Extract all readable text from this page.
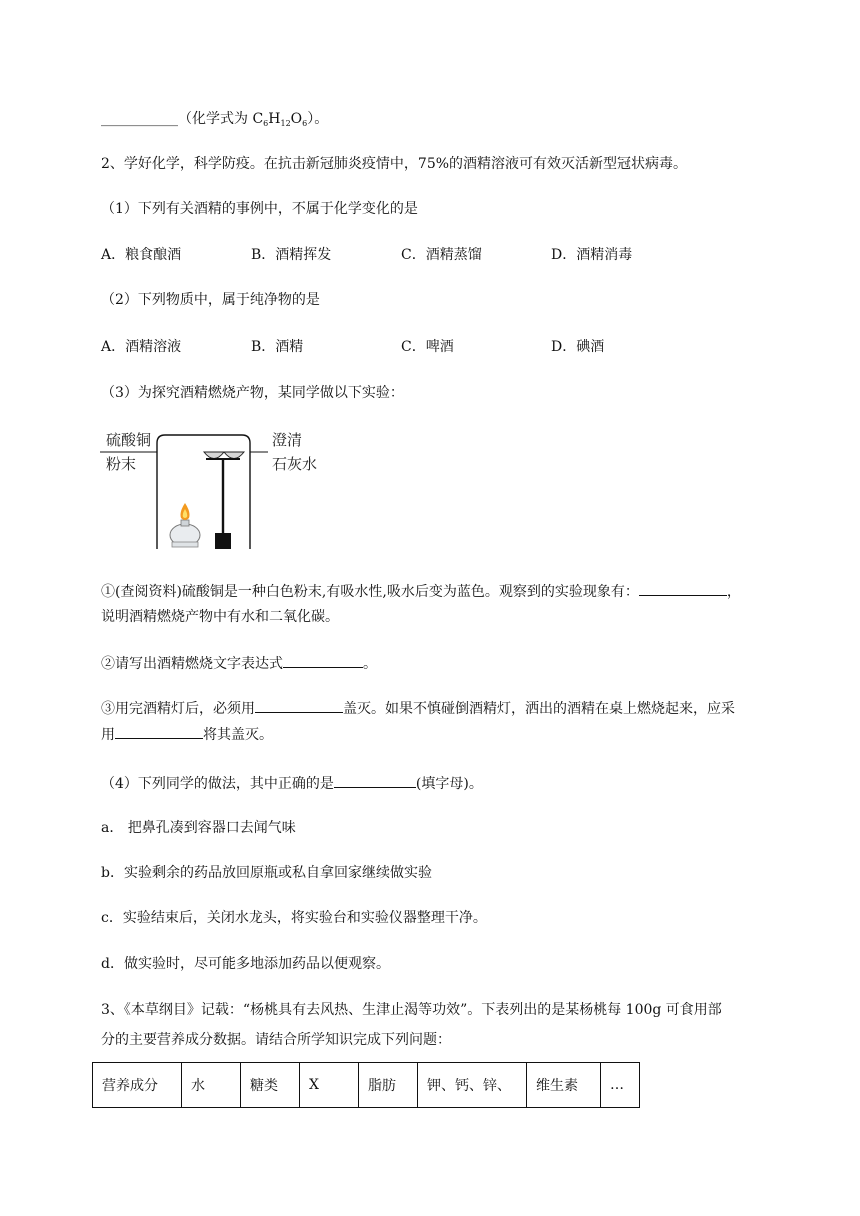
___________（化学式为 $C_6H_{12}O_6$）。
2、学好化学，科学防疫。在抗击新冠肺炎疫情中，75%的酒精溶液可有效灭活新型冠状病毒。
（1）下列有关酒精的事例中，不属于化学变化的是
A．粮食酿酒	B．酒精挥发	C．酒精蒸馏	D．酒精消毒
（2）下列物质中，属于纯净物的是
A．酒精溶液	B．酒精	C．啤酒	D．碘酒
（3）为探究酒精燃烧产物，某同学做以下实验：
硫酸铜
粉末
澄清
石灰水
①(查阅资料)硫酸铜是一种白色粉末,有吸水性,吸水后变为蓝色。观察到的实验现象有：	，
说明酒精燃烧产物中有水和二氧化碳。
②请写出酒精燃烧文字表达式	。
③用完酒精灯后，必须用	盖灭。如果不慎碰倒酒精灯，洒出的酒精在桌上燃烧起来，应采
用	将其盖灭。
（4）下列同学的做法，其中正确的是	(填字母)。
a． 把鼻孔凑到容器口去闻气味
b．实验剩余的药品放回原瓶或私自拿回家继续做实验
c．实验结束后，关闭水龙头，将实验台和实验仪器整理干净。
d．做实验时，尽可能多地添加药品以便观察。
3、《本草纲目》记载：“杨桃具有去风热、生津止渴等功效”。下表列出的是某杨桃每 100g 可食用部
分的主要营养成分数据。请结合所学知识完成下列问题：
营养成分	水	糖类	X	脂肪	钾、钙、锌、	维生素	…
